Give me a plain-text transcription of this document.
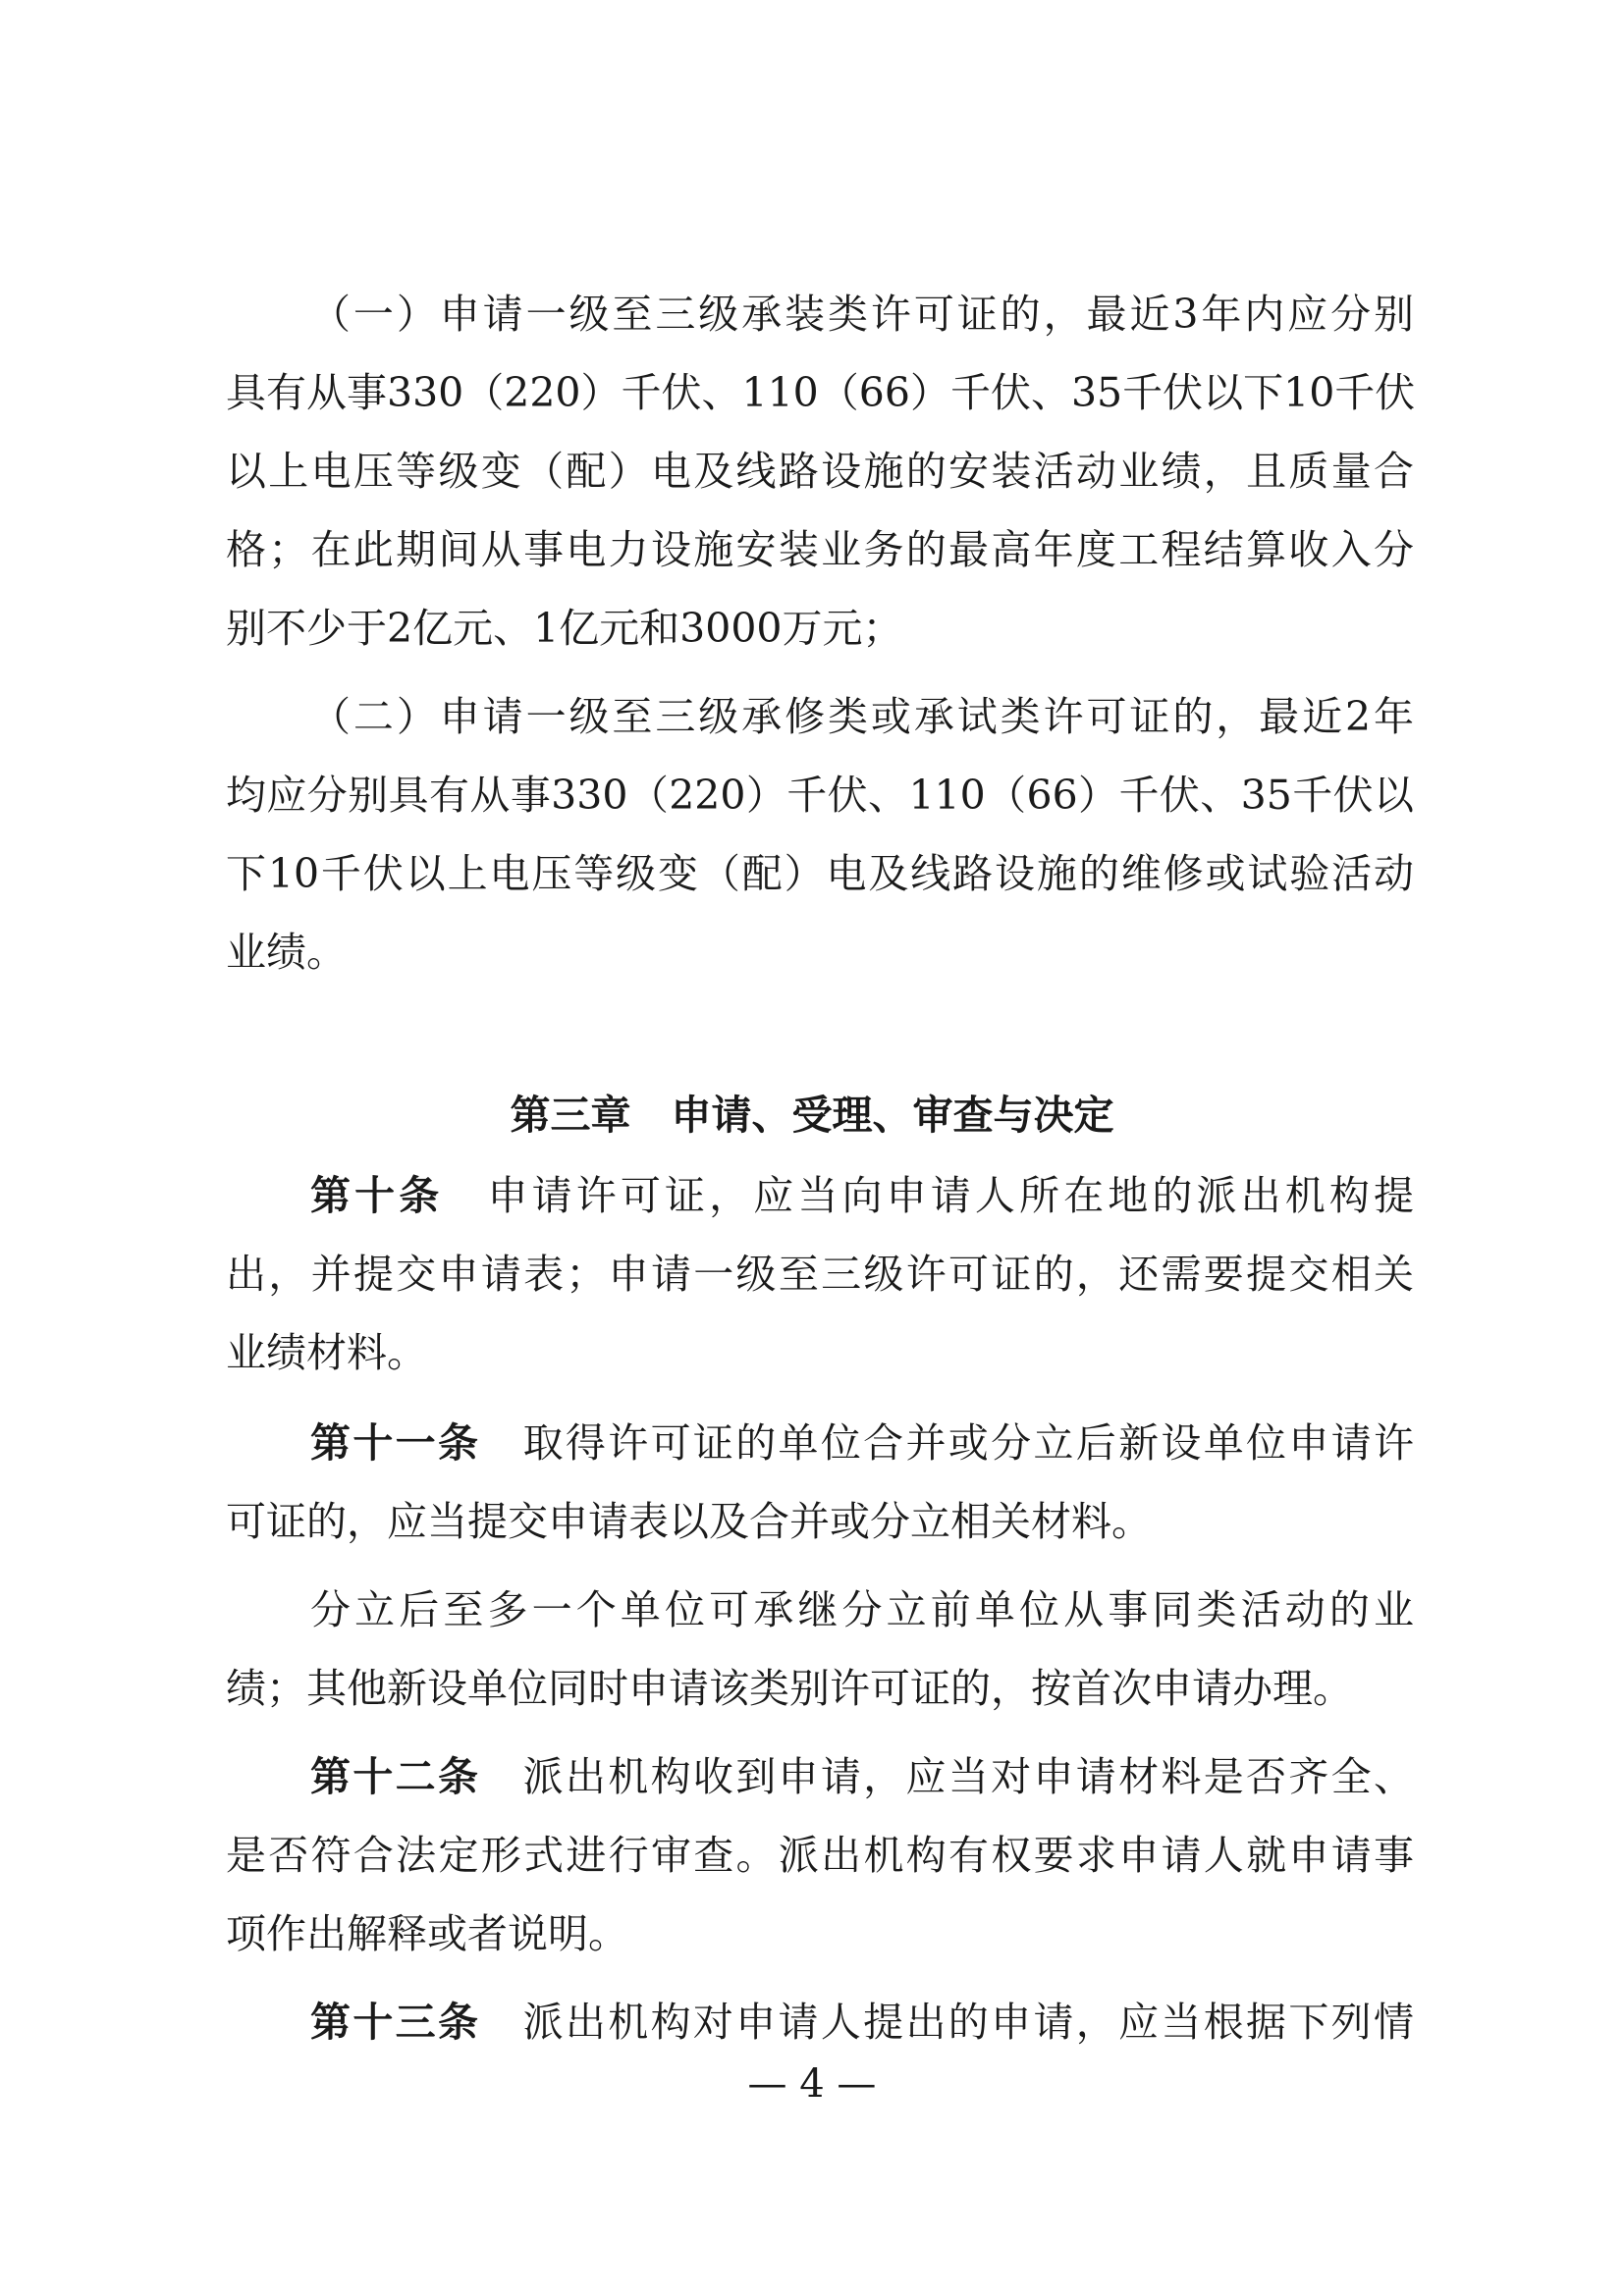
（一）申请一级至三级承装类许可证的，最近3年内应分别
具有从事330（220）千伏、110（66）千伏、35千伏以下10千伏
以上电压等级变（配）电及线路设施的安装活动业绩，且质量合
格；在此期间从事电力设施安装业务的最高年度工程结算收入分
别不少于2亿元、1亿元和3000万元；
（二）申请一级至三级承修类或承试类许可证的，最近2年
均应分别具有从事330（220）千伏、110（66）千伏、35千伏以
下10千伏以上电压等级变（配）电及线路设施的维修或试验活动
业绩。
第三章　申请、受理、审查与决定
第十条　 申请许可证，应当向申请人所在地的派出机构提
出，并提交申请表；申请一级至三级许可证的，还需要提交相关
业绩材料。
第十一条　 取得许可证的单位合并或分立后新设单位申请许
可证的，应当提交申请表以及合并或分立相关材料。
分立后至多一个单位可承继分立前单位从事同类活动的业
绩；其他新设单位同时申请该类别许可证的，按首次申请办理。
第十二条　 派出机构收到申请，应当对申请材料是否齐全、
是否符合法定形式进行审查。派出机构有权要求申请人就申请事
项作出解释或者说明。
第十三条　 派出机构对申请人提出的申请，应当根据下列情
— 4 —
